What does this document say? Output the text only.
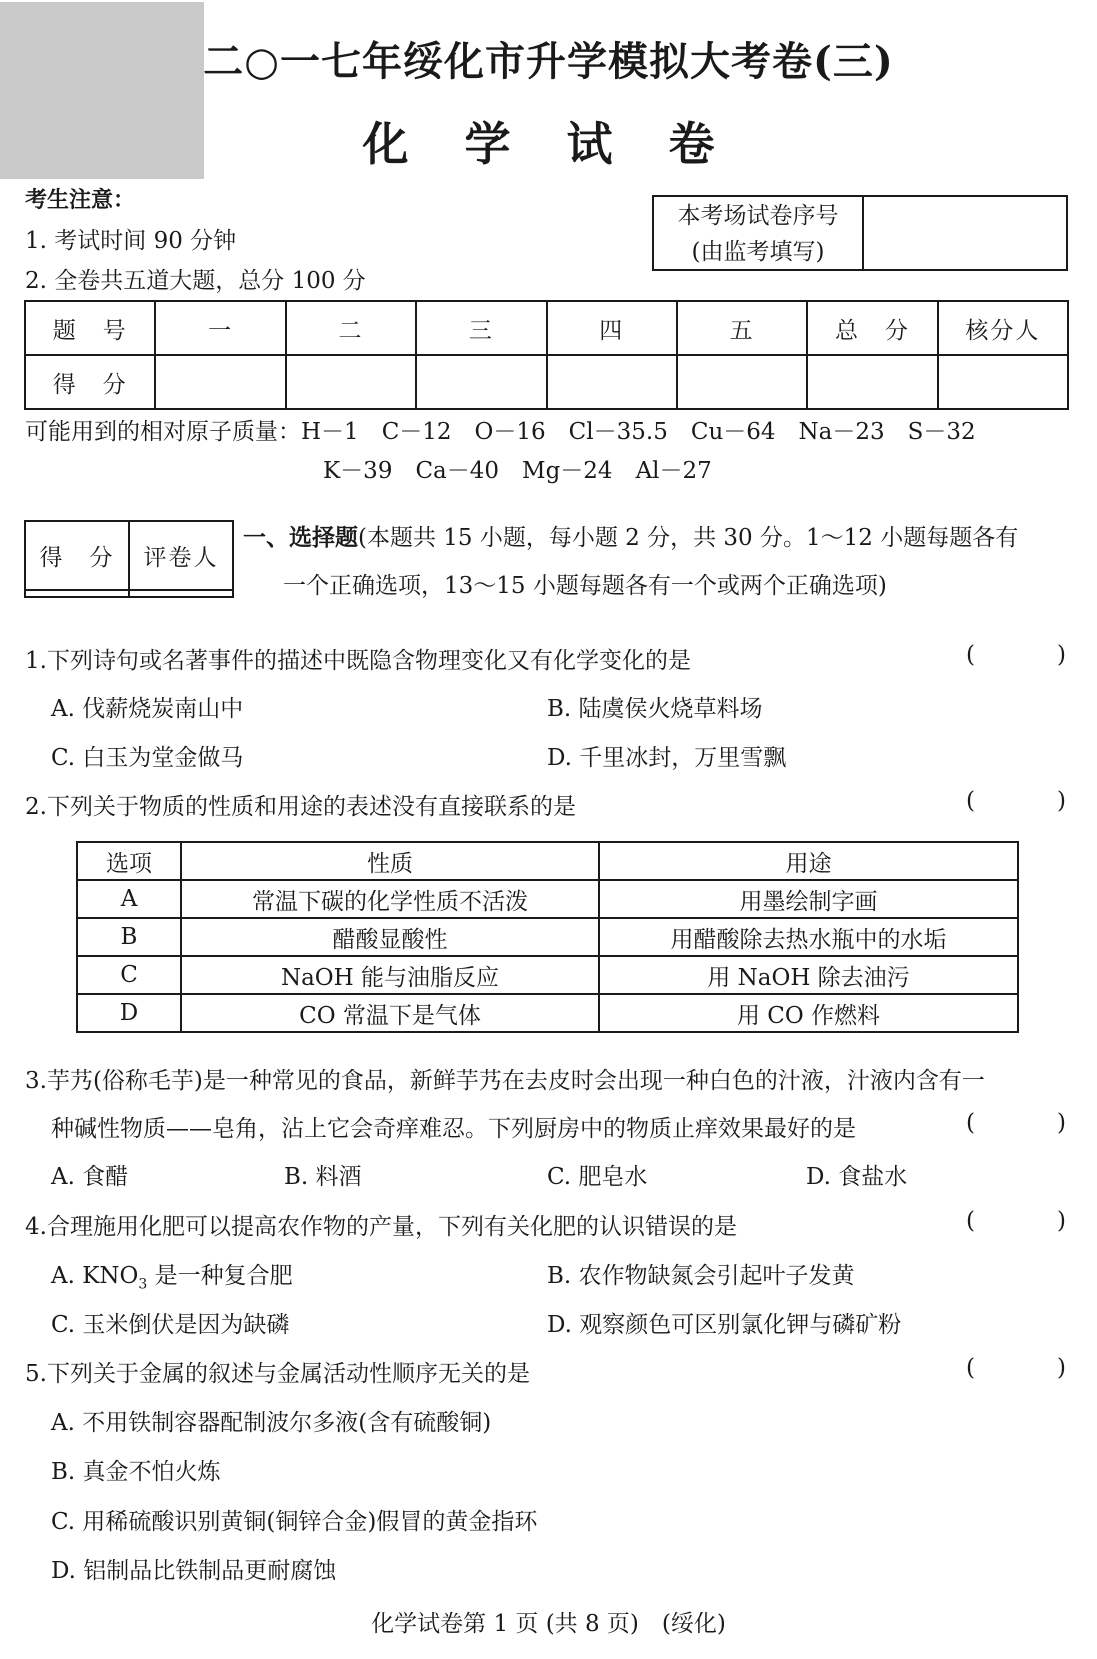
二○一七年绥化市升学模拟大考卷(三)
化 学 试 卷
考生注意：
1. 考试时间 90 分钟
2. 全卷共五道大题，总分 100 分
本考场试卷序号
(由监考填写)
题　号	一	二	三	四	五	总　分	核分人
得　分							
可能用到的相对原子质量：H－1　C－12　O－16　Cl－35.5　Cu－64　Na－23　S－32
K－39　Ca－40　Mg－24　Al－27
得　分	评卷人

一、选择题(本题共 15 小题，每小题 2 分，共 30 分。1～12 小题每题各有
一个正确选项，13～15 小题每题各有一个或两个正确选项)
1.下列诗句或名著事件的描述中既隐含物理变化又有化学变化的是
( )
A. 伐薪烧炭南山中	B. 陆虞侯火烧草料场
C. 白玉为堂金做马	D. 千里冰封，万里雪飘
2.下列关于物质的性质和用途的表述没有直接联系的是
( )
选项	性质	用途
A	常温下碳的化学性质不活泼	用墨绘制字画
B	醋酸显酸性	用醋酸除去热水瓶中的水垢
C	NaOH 能与油脂反应	用 NaOH 除去油污
D	CO 常温下是气体	用 CO 作燃料
3.芋艿(俗称毛芋)是一种常见的食品，新鲜芋艿在去皮时会出现一种白色的汁液，汁液内含有一
种碱性物质——皂角，沾上它会奇痒难忍。下列厨房中的物质止痒效果最好的是
( )
A. 食醋	B. 料酒	C. 肥皂水	D. 食盐水
4.合理施用化肥可以提高农作物的产量，下列有关化肥的认识错误的是
( )
A. $KNO_3$ 是一种复合肥	B. 农作物缺氮会引起叶子发黄
C. 玉米倒伏是因为缺磷	D. 观察颜色可区别氯化钾与磷矿粉
5.下列关于金属的叙述与金属活动性顺序无关的是
( )
A. 不用铁制容器配制波尔多液(含有硫酸铜)
B. 真金不怕火炼
C. 用稀硫酸识别黄铜(铜锌合金)假冒的黄金指环
D. 铝制品比铁制品更耐腐蚀
化学试卷第 1 页 (共 8 页)　(绥化)
